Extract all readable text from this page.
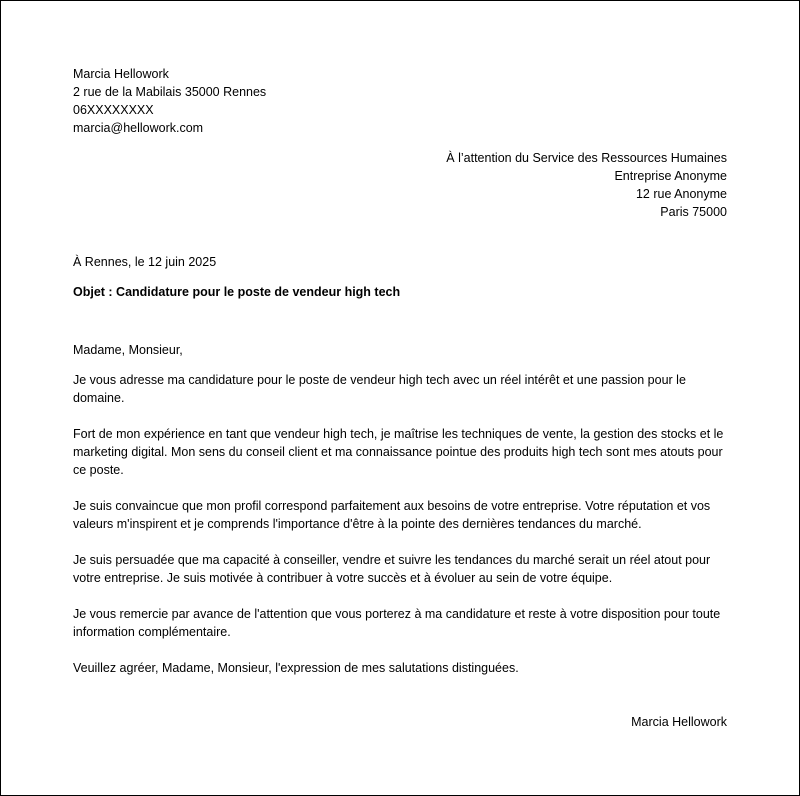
Marcia Hellowork
2 rue de la Mabilais 35000 Rennes
06XXXXXXXX
marcia@hellowork.com
À l’attention du Service des Ressources Humaines
Entreprise Anonyme
12 rue Anonyme
Paris 75000
À Rennes, le 12 juin 2025
Objet : Candidature pour le poste de vendeur high tech
Madame, Monsieur,

Je vous adresse ma candidature pour le poste de vendeur high tech avec un réel intérêt et une passion pour le domaine.

Fort de mon expérience en tant que vendeur high tech, je maîtrise les techniques de vente, la gestion des stocks et le marketing digital. Mon sens du conseil client et ma connaissance pointue des produits high tech sont mes atouts pour ce poste.

Je suis convaincue que mon profil correspond parfaitement aux besoins de votre entreprise. Votre réputation et vos valeurs m'inspirent et je comprends l'importance d'être à la pointe des dernières tendances du marché.

Je suis persuadée que ma capacité à conseiller, vendre et suivre les tendances du marché serait un réel atout pour votre entreprise. Je suis motivée à contribuer à votre succès et à évoluer au sein de votre équipe.

Je vous remercie par avance de l'attention que vous porterez à ma candidature et reste à votre disposition pour toute information complémentaire.

Veuillez agréer, Madame, Monsieur, l'expression de mes salutations distinguées.
Marcia Hellowork
